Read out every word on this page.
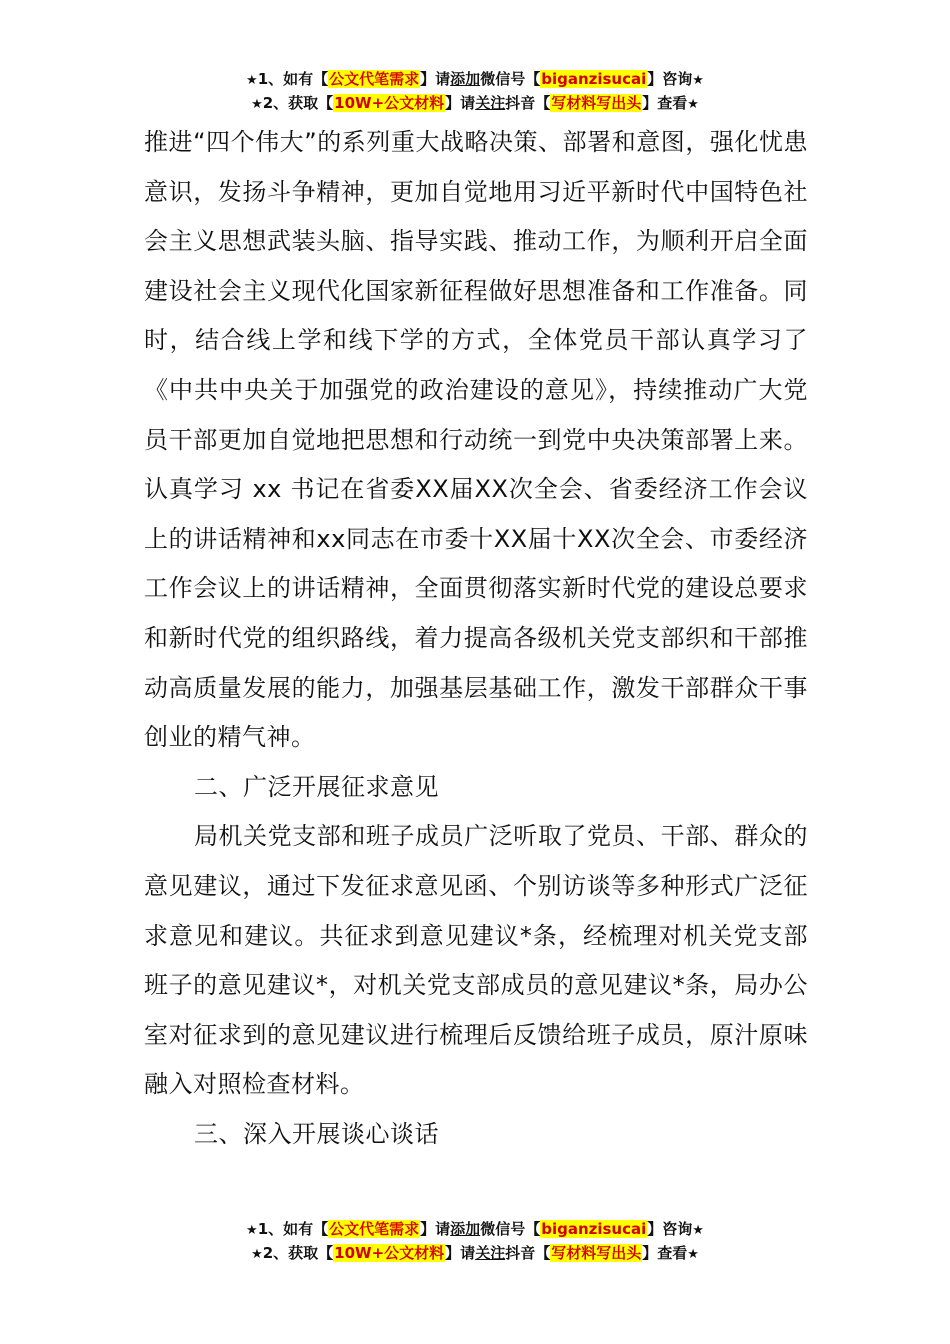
★1、如有【公文代笔需求】请添加微信号【biganzisucai】咨询★
★2、获取【10W+公文材料】请关注抖音【写材料写出头】查看★

推进“四个伟大”的系列重大战略决策、部署和意图，强化忧患意识，发扬斗争精神，更加自觉地用习近平新时代中国特色社会主义思想武装头脑、指导实践、推动工作，为顺利开启全面建设社会主义现代化国家新征程做好思想准备和工作准备。同时，结合线上学和线下学的方式，全体党员干部认真学习了《中共中央关于加强党的政治建设的意见》，持续推动广大党员干部更加自觉地把思想和行动统一到党中央决策部署上来。认真学习 xx 书记在省委XX届XX次全会、省委经济工作会议上的讲话精神和xx同志在市委十XX届十XX次全会、市委经济工作会议上的讲话精神，全面贯彻落实新时代党的建设总要求和新时代党的组织路线，着力提高各级机关党支部织和干部推动高质量发展的能力，加强基层基础工作，激发干部群众干事创业的精气神。

二、广泛开展征求意见

局机关党支部和班子成员广泛听取了党员、干部、群众的意见建议，通过下发征求意见函、个别访谈等多种形式广泛征求意见和建议。共征求到意见建议*条，经梳理对机关党支部班子的意见建议*，对机关党支部成员的意见建议*条，局办公室对征求到的意见建议进行梳理后反馈给班子成员，原汁原味融入对照检查材料。

三、深入开展谈心谈话

★1、如有【公文代笔需求】请添加微信号【biganzisucai】咨询★
★2、获取【10W+公文材料】请关注抖音【写材料写出头】查看★
